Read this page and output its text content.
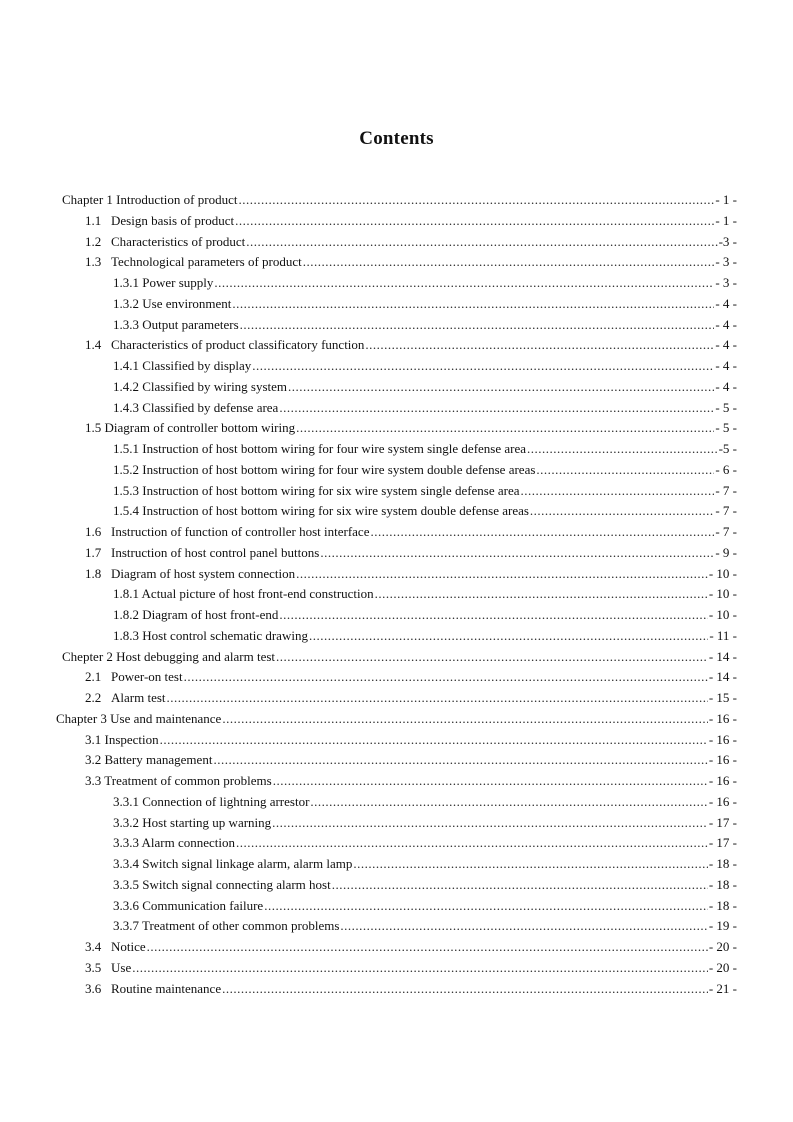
Contents
Chapter 1 Introduction of product .....	- 1 -
1.1   Design basis of product .....	- 1 -
1.2   Characteristics of product .....	-3 -
1.3   Technological parameters of product .....	- 3 -
1.3.1 Power supply .....	- 3 -
1.3.2 Use environment .....	- 4 -
1.3.3 Output parameters .....	- 4 -
1.4   Characteristics of product classificatory function .....	- 4 -
1.4.1 Classified by display .....	- 4 -
1.4.2 Classified by wiring system .....	- 4 -
1.4.3 Classified by defense area .....	- 5 -
1.5 Diagram of controller bottom wiring .....	- 5 -
1.5.1 Instruction of host bottom wiring for four wire system single defense area .....	-5 -
1.5.2 Instruction of host bottom wiring for four wire system double defense areas .....	- 6 -
1.5.3 Instruction of host bottom wiring for six wire system single defense area .....	- 7 -
1.5.4 Instruction of host bottom wiring for six wire system double defense areas .....	- 7 -
1.6   Instruction of function of controller host interface .....	- 7 -
1.7   Instruction of host control panel buttons .....	- 9 -
1.8   Diagram of host system connection .....	- 10 -
1.8.1 Actual picture of host front-end construction .....	- 10 -
1.8.2 Diagram of host front-end .....	- 10 -
1.8.3 Host control schematic drawing .....	- 11 -
Chepter 2 Host debugging and alarm test .....	- 14 -
2.1   Power-on test .....	- 14 -
2.2   Alarm test .....	- 15 -
Chapter 3 Use and maintenance .....	- 16 -
3.1 Inspection .....	- 16 -
3.2 Battery management .....	- 16 -
3.3 Treatment of common problems .....	- 16 -
3.3.1 Connection of lightning arrestor .....	- 16 -
3.3.2 Host starting up warning .....	- 17 -
3.3.3 Alarm connection .....	- 17 -
3.3.4 Switch signal linkage alarm, alarm lamp .....	- 18 -
3.3.5 Switch signal connecting alarm host .....	- 18 -
3.3.6 Communication failure .....	- 18 -
3.3.7 Treatment of other common problems .....	- 19 -
3.4   Notice .....	- 20 -
3.5   Use .....	- 20 -
3.6   Routine maintenance .....	- 21 -
